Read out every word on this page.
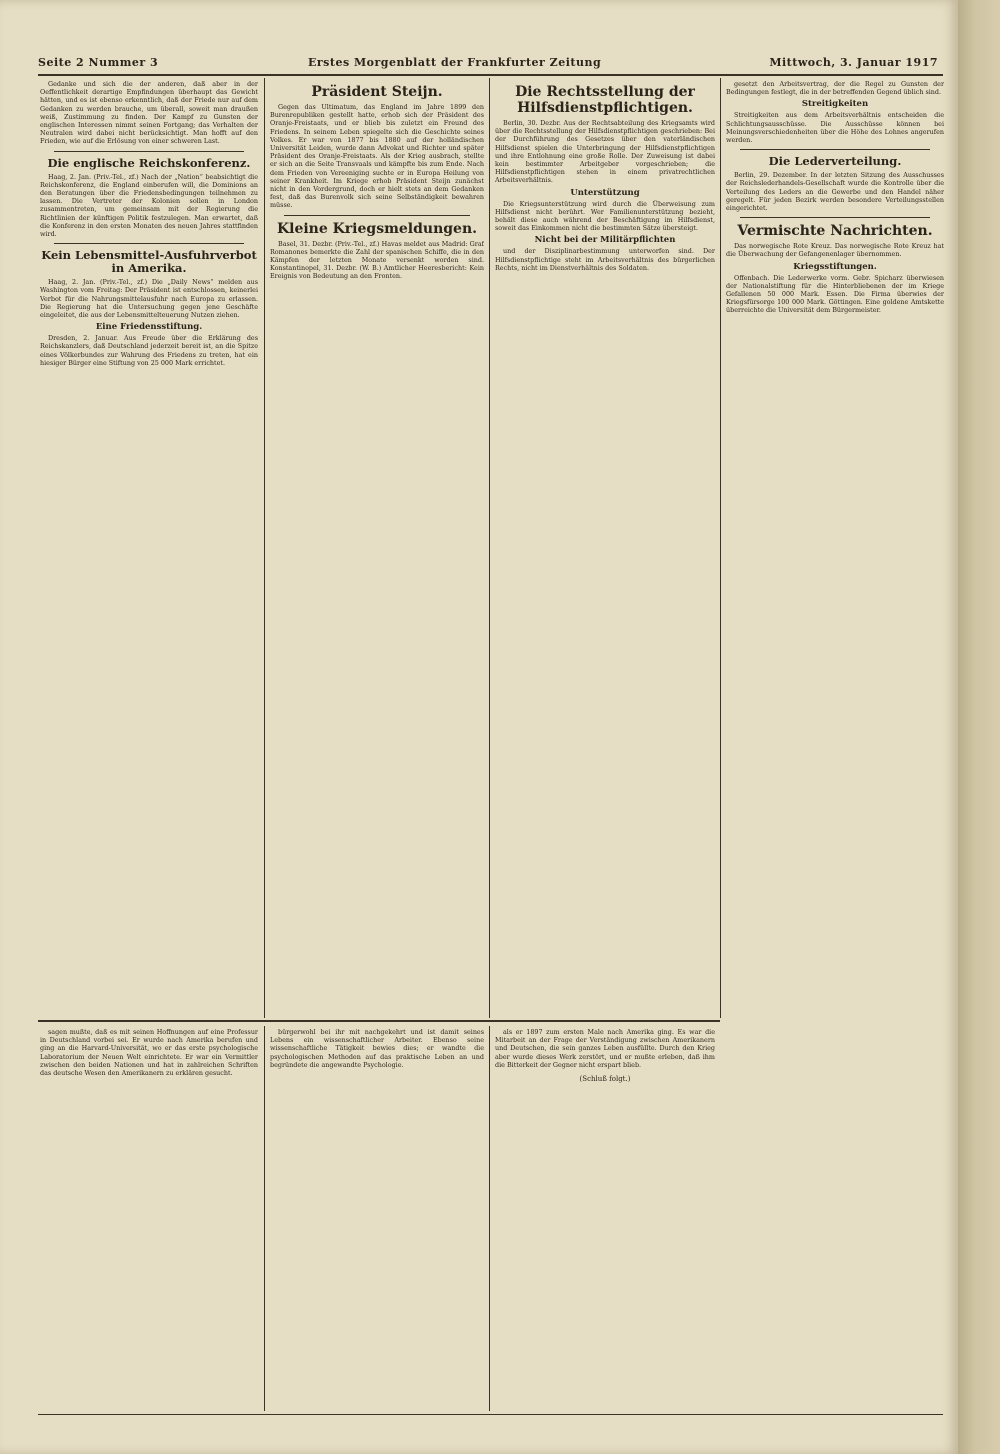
Seite 2 Nummer 3	Erstes Morgenblatt der Frankfurter Zeitung	Mittwoch, 3. Januar 1917

Gedanke und sich die der anderen, daß aber in der Oeffentlichkeit derartige Empfindungen überhaupt das Gewicht hätten, und es ist ebenso erkenntlich, daß der Friede nur auf dem Gedanken zu werden brauche, um überall, soweit man draußen weiß, Zustimmung zu finden. Der Kampf zu Gunsten der englischen Interessen nimmt seinen Fortgang; das Verhalten der Neutralen wird dabei nicht berücksichtigt. Man hofft auf den Frieden, wie auf die Erlösung von einer schweren Last.

Die englische Reichskonferenz.

Haag, 2. Jan. (Priv.-Tel., zf.) Nach der „Nation“ beabsichtigt die Reichskonferenz, die England einberufen will, die Dominions an den Beratungen über die Friedensbedingungen teilnehmen zu lassen. Die Vertreter der Kolonien sollen in London zusammentreten, um gemeinsam mit der Regierung die Richtlinien der künftigen Politik festzulegen. Man erwartet, daß die Konferenz in den ersten Monaten des neuen Jahres stattfinden wird.

Kein Lebensmittel-Ausfuhrverbot in Amerika.

Haag, 2. Jan. (Priv.-Tel., zf.) Die „Daily News“ melden aus Washington vom Freitag: Der Präsident ist entschlossen, keinerlei Verbot für die Nahrungsmittelausfuhr nach Europa zu erlassen. Die Regierung hat die Untersuchung gegen jene Geschäfte eingeleitet, die aus der Lebensmittelteuerung Nutzen ziehen.

Eine Friedensstiftung.

Dresden, 2. Januar. Aus Freude über die Erklärung des Reichskanzlers, daß Deutschland jederzeit bereit ist, an die Spitze eines Völkerbundes zur Wahrung des Friedens zu treten, hat ein hiesiger Bürger eine Stiftung von 25 000 Mark errichtet.

Präsident Steijn.

Gegen das Ultimatum, das England im Jahre 1899 den Burenrepubliken gestellt hatte, erhob sich der Präsident des Oranje-Freistaats, und er blieb bis zuletzt ein Freund des Friedens. In seinem Leben spiegelte sich die Geschichte seines Volkes. Er war von 1877 bis 1880 auf der holländischen Universität Leiden, wurde dann Advokat und Richter und später Präsident des Oranje-Freistaats. Als der Krieg ausbrach, stellte er sich an die Seite Transvaals und kämpfte bis zum Ende. Nach dem Frieden von Vereeniging suchte er in Europa Heilung von seiner Krankheit. Im Kriege erhob Präsident Steijn zunächst nicht in den Vordergrund, doch er hielt stets an dem Gedanken fest, daß das Burenvolk sich seine Selbständigkeit bewahren müsse.

Kleine Kriegsmeldungen.

Basel, 31. Dezbr. (Priv.-Tel., zf.) Havas meldet aus Madrid: Graf Romanones bemerkte die Zahl der spanischen Schiffe, die in den Kämpfen der letzten Monate versenkt worden sind. Konstantinopel, 31. Dezbr. (W. B.) Amtlicher Heeresbericht: Kein Ereignis von Bedeutung an den Fronten.

Die Rechtsstellung der Hilfsdienstpflichtigen.

Berlin, 30. Dezbr. Aus der Rechtsabteilung des Kriegsamts wird über die Rechtsstellung der Hilfsdienstpflichtigen geschrieben: Bei der Durchführung des Gesetzes über den vaterländischen Hilfsdienst spielen die Unterbringung der Hilfsdienstpflichtigen und ihre Entlohnung eine große Rolle. Der Zuweisung ist dabei kein bestimmter Arbeitgeber vorgeschrieben; die Hilfsdienstpflichtigen stehen in einem privatrechtlichen Arbeitsverhältnis.

Unterstützung

Die Kriegsunterstützung wird durch die Überweisung zum Hilfsdienst nicht berührt. Wer Familienunterstützung bezieht, behält diese auch während der Beschäftigung im Hilfsdienst, soweit das Einkommen nicht die bestimmten Sätze übersteigt.

Nicht bei der Militärpflichten

und der Disziplinarbestimmung unterworfen sind. Der Hilfsdienstpflichtige steht im Arbeitsverhältnis des bürgerlichen Rechts, nicht im Dienstverhältnis des Soldaten.

gesetzt den Arbeitsvertrag, der die Regel zu Gunsten der Bedingungen festlegt, die in der betreffenden Gegend üblich sind.

Streitigkeiten

Streitigkeiten aus dem Arbeitsverhältnis entscheiden die Schlichtungsausschüsse. Die Ausschüsse können bei Meinungsverschiedenheiten über die Höhe des Lohnes angerufen werden.

Die Lederverteilung.

Berlin, 29. Dezember. In der letzten Sitzung des Ausschusses der Reichslederhandels-Gesellschaft wurde die Kontrolle über die Verteilung des Leders an die Gewerbe und den Handel näher geregelt. Für jeden Bezirk werden besondere Verteilungsstellen eingerichtet.

Vermischte Nachrichten.

Das norwegische Rote Kreuz. Das norwegische Rote Kreuz hat die Überwachung der Gefangenenlager übernommen.

Kriegsstiftungen.

Offenbach. Die Lederwerke vorm. Gebr. Spicharz überwiesen der Nationalstiftung für die Hinterbliebenen der im Kriege Gefallenen 50 000 Mark. Essen. Die Firma überwies der Kriegsfürsorge 100 000 Mark. Göttingen. Eine goldene Amtskette überreichte die Universität dem Bürgermeister.

sagen mußte, daß es mit seinen Hoffnungen auf eine Professur in Deutschland vorbei sei. Er wurde nach Amerika berufen und ging an die Harvard-Universität, wo er das erste psychologische Laboratorium der Neuen Welt einrichtete. Er war ein Vermittler zwischen den beiden Nationen und hat in zahlreichen Schriften das deutsche Wesen den Amerikanern zu erklären gesucht.

bürgerwohl bei ihr mit nachgekehrt und ist damit seines Lebens ein wissenschaftlicher Arbeiter. Ebenso seine wissenschaftliche Tätigkeit bewies dies; er wandte die psychologischen Methoden auf das praktische Leben an und begründete die angewandte Psychologie.

als er 1897 zum ersten Male nach Amerika ging. Es war die Mitarbeit an der Frage der Verständigung zwischen Amerikanern und Deutschen, die sein ganzes Leben ausfüllte. Durch den Krieg aber wurde dieses Werk zerstört, und er mußte erleben, daß ihm die Bitterkeit der Gegner nicht erspart blieb.

(Schluß folgt.)
